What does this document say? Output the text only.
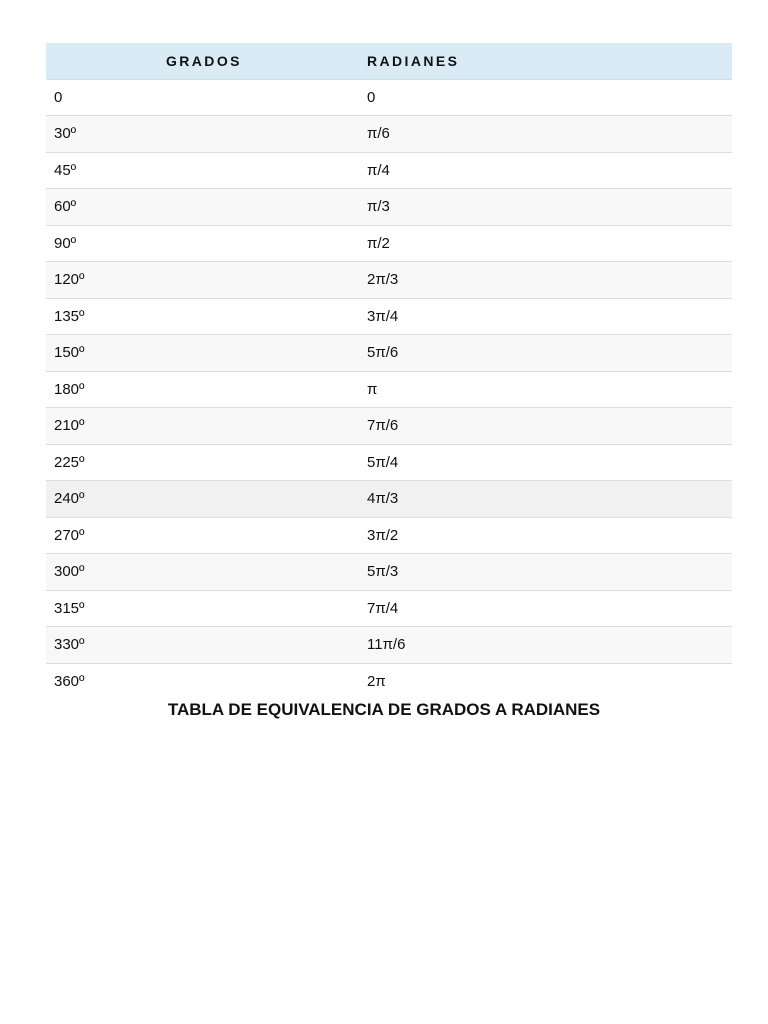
GRADOS	RADIANES
0	0
30º	π/6
45º	π/4
60º	π/3
90º	π/2
120º	2π/3
135º	3π/4
150º	5π/6
180º	π
210º	7π/6
225º	5π/4
240º	4π/3
270º	3π/2
300º	5π/3
315º	7π/4
330º	11π/6
360º	2π
TABLA DE EQUIVALENCIA DE GRADOS A RADIANES
